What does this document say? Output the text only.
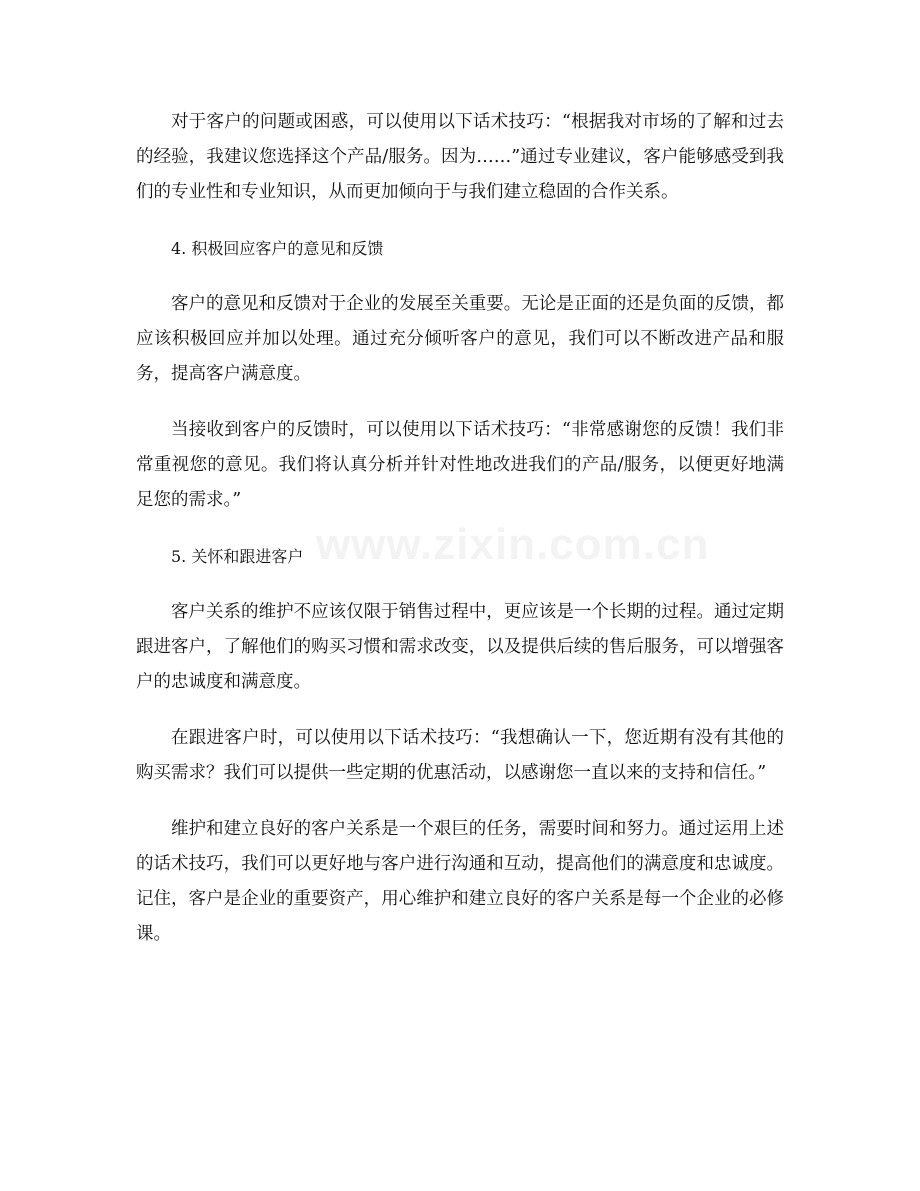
www.zixin.com.cn

对于客户的问题或困惑，可以使用以下话术技巧：“根据我对市场的了解和过去的经验，我建议您选择这个产品/服务。因为……”通过专业建议，客户能够感受到我们的专业性和专业知识，从而更加倾向于与我们建立稳固的合作关系。

4. 积极回应客户的意见和反馈

客户的意见和反馈对于企业的发展至关重要。无论是正面的还是负面的反馈，都应该积极回应并加以处理。通过充分倾听客户的意见，我们可以不断改进产品和服务，提高客户满意度。

当接收到客户的反馈时，可以使用以下话术技巧：“非常感谢您的反馈！我们非常重视您的意见。我们将认真分析并针对性地改进我们的产品/服务，以便更好地满足您的需求。”

5. 关怀和跟进客户

客户关系的维护不应该仅限于销售过程中，更应该是一个长期的过程。通过定期跟进客户，了解他们的购买习惯和需求改变，以及提供后续的售后服务，可以增强客户的忠诚度和满意度。

在跟进客户时，可以使用以下话术技巧：“我想确认一下，您近期有没有其他的购买需求？我们可以提供一些定期的优惠活动，以感谢您一直以来的支持和信任。”

维护和建立良好的客户关系是一个艰巨的任务，需要时间和努力。通过运用上述的话术技巧，我们可以更好地与客户进行沟通和互动，提高他们的满意度和忠诚度。记住，客户是企业的重要资产，用心维护和建立良好的客户关系是每一个企业的必修课。
